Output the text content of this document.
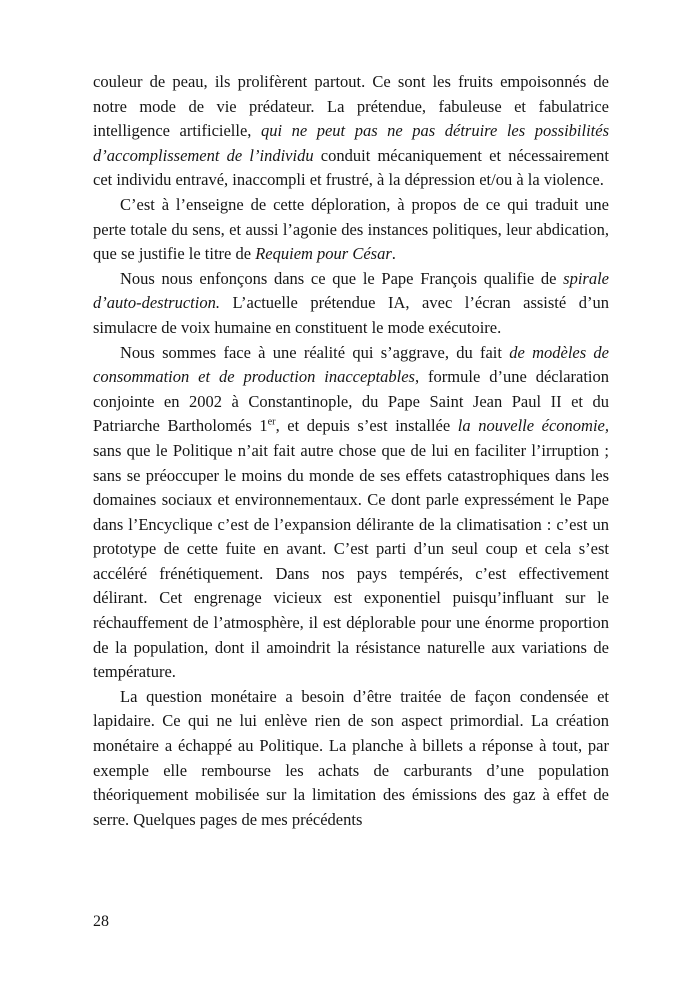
couleur de peau, ils prolifèrent partout. Ce sont les fruits empoisonnés de notre mode de vie prédateur. La prétendue, fabuleuse et fabulatrice intelligence artificielle, qui ne peut pas ne pas détruire les possibilités d’accomplissement de l’individu conduit mécaniquement et nécessairement cet individu entravé, inaccompli et frustré, à la dépression et/ou à la violence.

C’est à l’enseigne de cette déploration, à propos de ce qui traduit une perte totale du sens, et aussi l’agonie des instances politiques, leur abdication, que se justifie le titre de Requiem pour César.

Nous nous enfonçons dans ce que le Pape François qualifie de spirale d’auto-destruction. L’actuelle prétendue IA, avec l’écran assisté d’un simulacre de voix humaine en constituent le mode exécutoire.

Nous sommes face à une réalité qui s’aggrave, du fait de modèles de consommation et de production inacceptables, formule d’une déclaration conjointe en 2002 à Constantinople, du Pape Saint Jean Paul II et du Patriarche Bartholomés 1er, et depuis s’est installée la nouvelle économie, sans que le Politique n’ait fait autre chose que de lui en faciliter l’irruption ; sans se préoccuper le moins du monde de ses effets catastrophiques dans les domaines sociaux et environnementaux. Ce dont parle expressément le Pape dans l’Encyclique c’est de l’expansion délirante de la climatisation : c’est un prototype de cette fuite en avant. C’est parti d’un seul coup et cela s’est accéléré frénétiquement. Dans nos pays tempérés, c’est effectivement délirant. Cet engrenage vicieux est exponentiel puisqu’influant sur le réchauffement de l’atmosphère, il est déplorable pour une énorme proportion de la population, dont il amoindrit la résistance naturelle aux variations de température.

La question monétaire a besoin d’être traitée de façon condensée et lapidaire. Ce qui ne lui enlève rien de son aspect primordial. La création monétaire a échappé au Politique. La planche à billets a réponse à tout, par exemple elle rembourse les achats de carburants d’une population théoriquement mobilisée sur la limitation des émissions des gaz à effet de serre. Quelques pages de mes précédents

28
